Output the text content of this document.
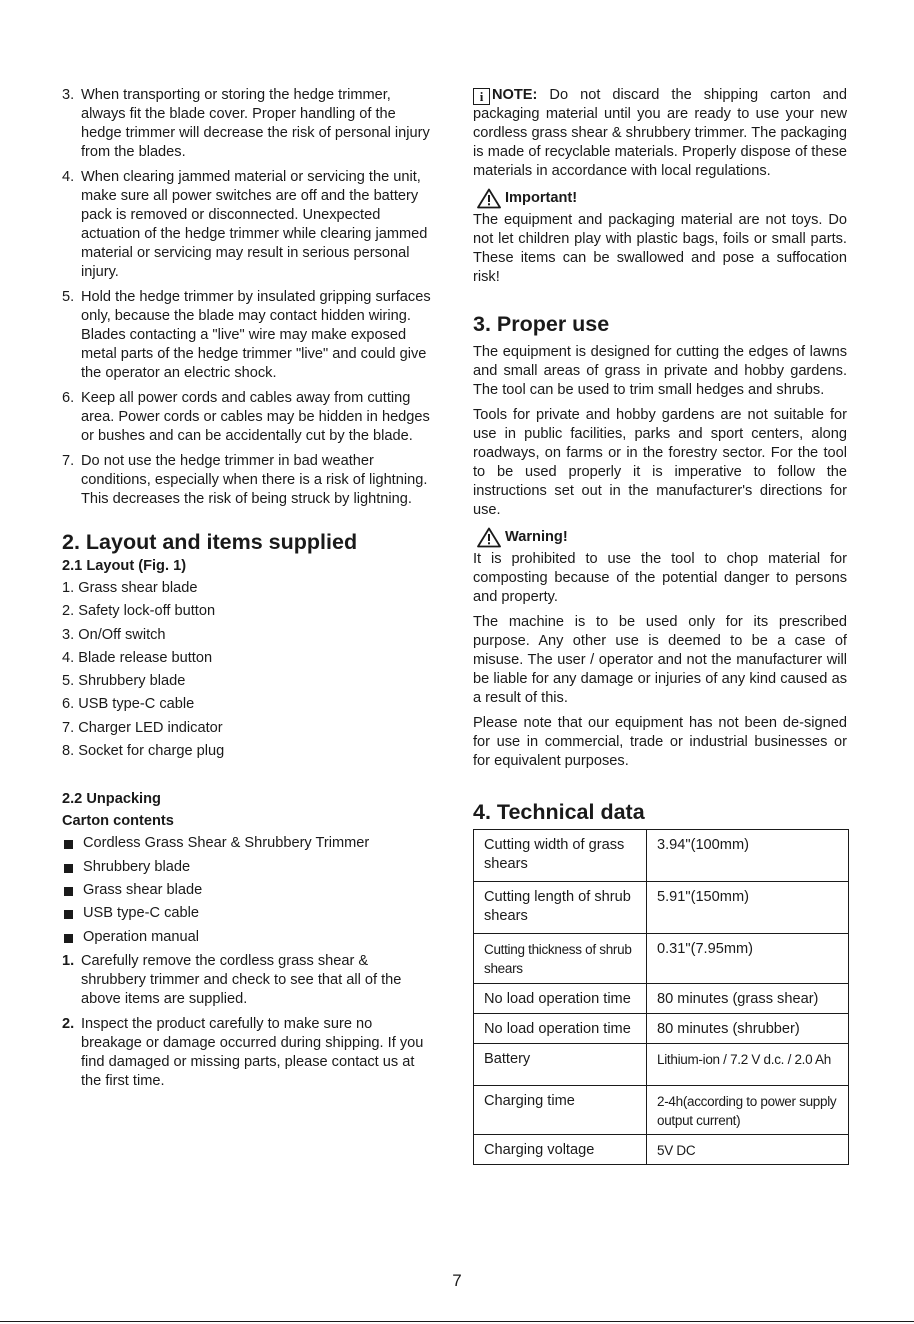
3. When transporting or storing the hedge trimmer, always fit the blade cover. Proper handling of the hedge trimmer will decrease the risk of personal injury from the blades.
4. When clearing jammed material or servicing the unit, make sure all power switches are off and the battery pack is removed or disconnected. Unexpected actuation of the hedge trimmer while clearing jammed material or servicing may result in serious personal injury.
5. Hold the hedge trimmer by insulated gripping surfaces only, because the blade may contact hidden wiring. Blades contacting a "live" wire may make exposed metal parts of the hedge trimmer "live" and could give the operator an electric shock.
6. Keep all power cords and cables away from cutting area. Power cords or cables may be hidden in hedges or bushes and can be accidentally cut by the blade.
7. Do not use the hedge trimmer in bad weather conditions, especially when there is a risk of lightning. This decreases the risk of being struck by lightning.
2. Layout and items supplied
2.1 Layout (Fig. 1)
1. Grass shear blade
2. Safety lock-off button
3. On/Off switch
4. Blade release button
5. Shrubbery blade
6. USB type-C cable
7. Charger LED indicator
8. Socket for charge plug
2.2 Unpacking
Carton contents
Cordless Grass Shear & Shrubbery Trimmer
Shrubbery blade
Grass shear blade
USB type-C cable
Operation manual
1. Carefully remove the cordless grass shear & shrubbery trimmer and check to see that all of the above items are supplied.
2. Inspect the product carefully to make sure no breakage or damage occurred during shipping. If you find damaged or missing parts, please contact us at the first time.

i NOTE: Do not discard the shipping carton and packaging material until you are ready to use your new cordless grass shear & shrubbery trimmer. The packaging is made of recyclable materials. Properly dispose of these materials in accordance with local regulations.

Important!

The equipment and packaging material are not toys. Do not let children play with plastic bags, foils or small parts. These items can be swallowed and pose a suffocation risk!

3. Proper use

The equipment is designed for cutting the edges of lawns and small areas of grass in private and hobby gardens. The tool can be used to trim small hedges and shrubs.

Tools for private and hobby gardens are not suitable for use in public facilities, parks and sport centers, along roadways, on farms or in the forestry sector. For the tool to be used properly it is imperative to follow the instructions set out in the manufacturer's directions for use.

Warning!

It is prohibited to use the tool to chop material for composting because of the potential danger to persons and property.

The machine is to be used only for its prescribed purpose. Any other use is deemed to be a case of misuse. The user / operator and not the manufacturer will be liable for any damage or injuries of any kind caused as a result of this.

Please note that our equipment has not been de-signed for use in commercial, trade or industrial businesses or for equivalent purposes.

4. Technical data
Cutting width of grass shears	3.94"(100mm)
Cutting length of shrub shears	5.91"(150mm)
Cutting thickness of shrub shears	0.31"(7.95mm)
No load operation time	80 minutes (grass shear)
No load operation time	80 minutes (shrubber)
Battery	Lithium-ion / 7.2 V d.c. / 2.0 Ah
Charging time	2-4h(according to power supply output current)
Charging voltage	5V DC
7
